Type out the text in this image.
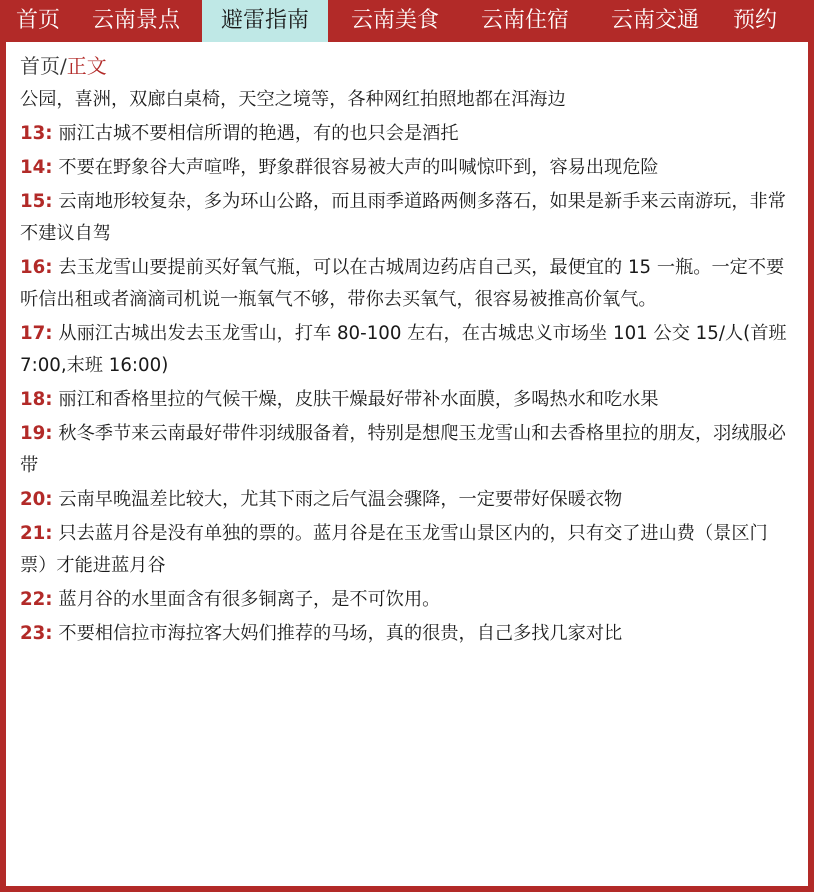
首页	云南景点	避雷指南	云南美食	云南住宿	云南交通	预约
首页/正文

公园，喜洲，双廊白桌椅，天空之境等，各种网红拍照地都在洱海边

13: 丽江古城不要相信所谓的艳遇，有的也只会是酒托

14: 不要在野象谷大声喧哗，野象群很容易被大声的叫喊惊吓到，容易出现危险

15: 云南地形较复杂，多为环山公路，而且雨季道路两侧多落石，如果是新手来云南游玩，非常不建议自驾

16: 去玉龙雪山要提前买好氧气瓶，可以在古城周边药店自己买，最便宜的 15 一瓶。一定不要听信出租或者滴滴司机说一瓶氧气不够，带你去买氧气，很容易被推高价氧气。

17: 从丽江古城出发去玉龙雪山，打车 80-100 左右，在古城忠义市场坐 101 公交 15/人(首班 7:00,末班 16:00)

18: 丽江和香格里拉的气候干燥，皮肤干燥最好带补水面膜，多喝热水和吃水果

19: 秋冬季节来云南最好带件羽绒服备着，特别是想爬玉龙雪山和去香格里拉的朋友，羽绒服必带

20: 云南早晚温差比较大，尤其下雨之后气温会骤降，一定要带好保暖衣物

21: 只去蓝月谷是没有单独的票的。蓝月谷是在玉龙雪山景区内的，只有交了进山费（景区门票）才能进蓝月谷

22: 蓝月谷的水里面含有很多铜离子，是不可饮用。

23: 不要相信拉市海拉客大妈们推荐的马场，真的很贵，自己多找几家对比
